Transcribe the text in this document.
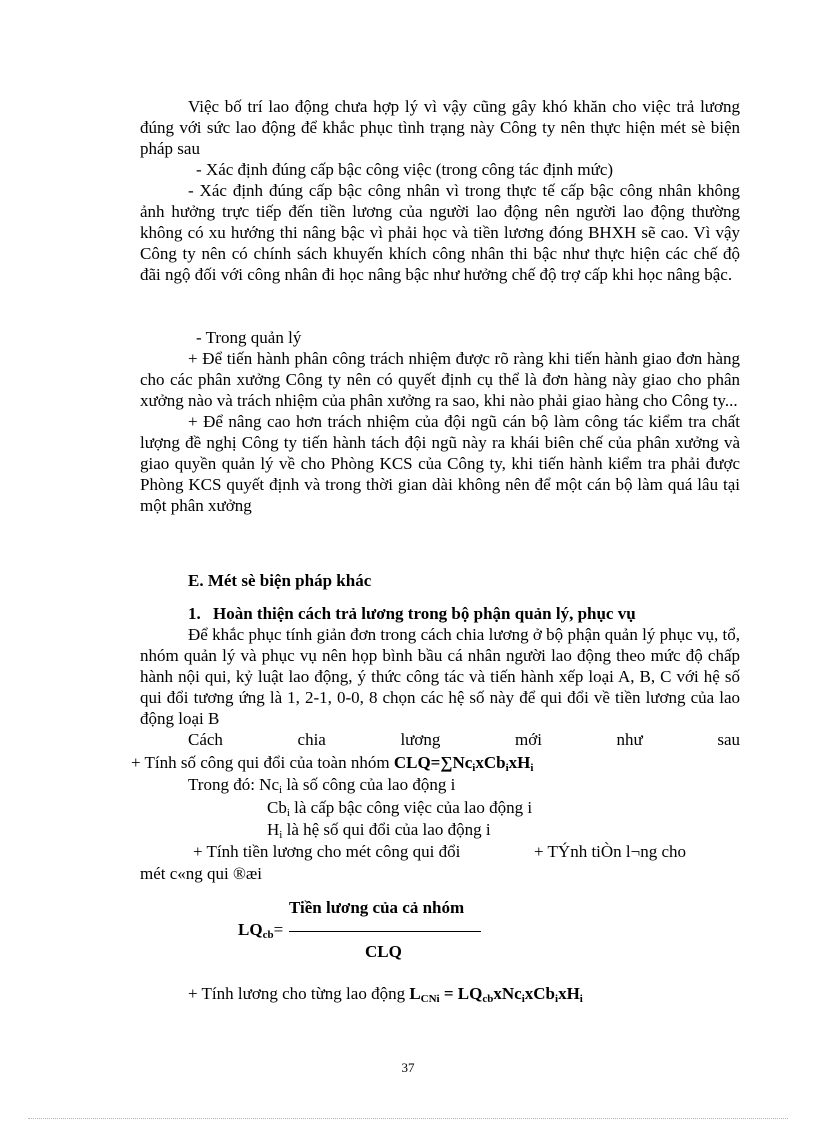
Việc bố trí lao động chưa hợp lý vì vậy cũng gây khó khăn cho việc trả lương đúng với sức lao động để khắc phục tình trạng này Công ty nên thực hiện mét sè biện pháp sau

- Xác định đúng cấp bậc công việc (trong công tác định mức)

- Xác định đúng cấp bậc công nhân vì trong thực tế cấp bậc công nhân không ảnh hưởng trực tiếp đến tiền lương của người lao động nên người lao động thường không có xu hướng thi nâng bậc vì phải học và tiền lương đóng BHXH sẽ cao. Vì vậy Công ty nên có chính sách khuyến khích công nhân thi bậc như thực hiện các chế độ đãi ngộ đối với công nhân đi học nâng bậc như hưởng chế độ trợ cấp khi học nâng bậc.

- Trong quản lý

+ Để tiến hành phân công trách nhiệm được rõ ràng khi tiến hành giao đơn hàng cho các phân xưởng Công ty nên có quyết định cụ thể là đơn hàng này giao cho phân xưởng nào và trách nhiệm của phân xưởng ra sao, khi nào phải giao hàng cho Công ty...

+ Để nâng cao hơn trách nhiệm của đội ngũ cán bộ làm công tác kiểm tra chất lượng đề nghị Công ty tiến hành tách đội ngũ này ra khái biên chế của phân xưởng và giao quyền quản lý về cho Phòng KCS của Công ty, khi tiến hành kiểm tra phải được Phòng KCS quyết định và trong thời gian dài không nên để một cán bộ làm quá lâu tại một phân xưởng

E. Mét sè biện pháp khác
1. Hoàn thiện cách trả lương trong bộ phận quản lý, phục vụ

Để khắc phục tính giản đơn trong cách chia lương ở bộ phận quản lý phục vụ, tổ, nhóm quản lý và phục vụ nên họp bình bầu cá nhân người lao động theo mức độ chấp hành nội qui, kỷ luật lao động, ý thức công tác và tiến hành xếp loại A, B, C với hệ số qui đổi tương ứng là 1, 2-1, 0-0, 8 chọn các hệ số này để qui đổi về tiền lương của lao động loại B

Cách	chia	lương	mới	như	sau
+ Tính số công qui đổi của toàn nhóm $CLQ=\sum Nc_ixCb_ixH_i$
Trong đó: $Nc_i$ là số công của lao động i
$Cb_i$ là cấp bậc công việc của lao động i
$H_i$ là hệ số qui đổi của lao động i
+ Tính tiền lương cho mét công qui đổi	+ TÝnh tiÒn l¬ng cho
mét c«ng qui ®æi
Tiền lương của cả nhóm
$LQ_{cb}=$
CLQ
+ Tính lương cho từng lao động $L_{CNi} = LQ_{cb}xNc_ixCb_ixH_i$
37
